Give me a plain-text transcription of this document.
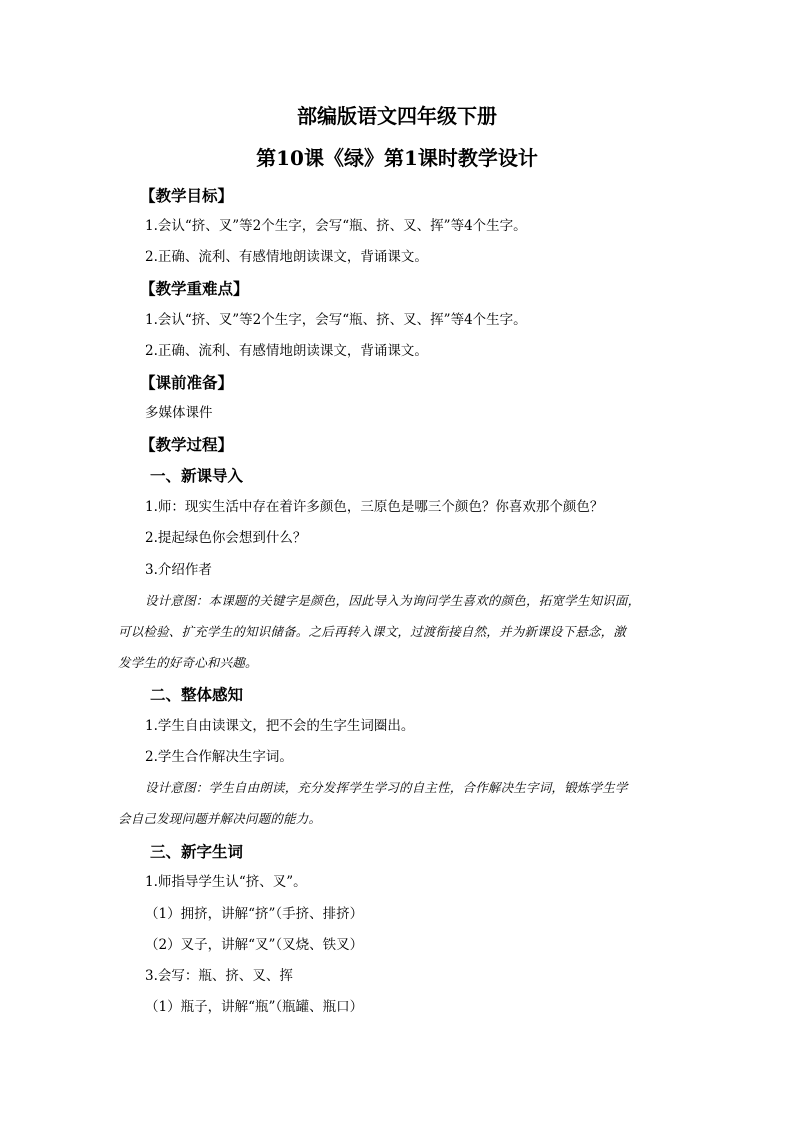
部编版语文四年级下册
第10课《绿》第1课时教学设计
【教学目标】
1.会认“挤、叉”等2个生字，会写“瓶、挤、叉、挥”等4个生字。
2.正确、流利、有感情地朗读课文，背诵课文。
【教学重难点】
1.会认“挤、叉”等2个生字，会写“瓶、挤、叉、挥”等4个生字。
2.正确、流利、有感情地朗读课文，背诵课文。
【课前准备】
多媒体课件
【教学过程】
一、新课导入
1.师：现实生活中存在着许多颜色，三原色是哪三个颜色？你喜欢那个颜色？
2.提起绿色你会想到什么？
3.介绍作者
设计意图：本课题的关键字是颜色，因此导入为询问学生喜欢的颜色，拓宽学生知识面，
可以检验、扩充学生的知识储备。之后再转入课文，过渡衔接自然，并为新课设下悬念，激
发学生的好奇心和兴趣。
二、整体感知
1.学生自由读课文，把不会的生字生词圈出。
2.学生合作解决生字词。
设计意图：学生自由朗读，充分发挥学生学习的自主性，合作解决生字词，锻炼学生学
会自己发现问题并解决问题的能力。
三、新字生词
1.师指导学生认“挤、叉”。
（1）拥挤，讲解“挤”（手挤、排挤）
（2）叉子，讲解“叉”（叉烧、铁叉）
3.会写：瓶、挤、叉、挥
（1）瓶子，讲解“瓶”（瓶罐、瓶口）
